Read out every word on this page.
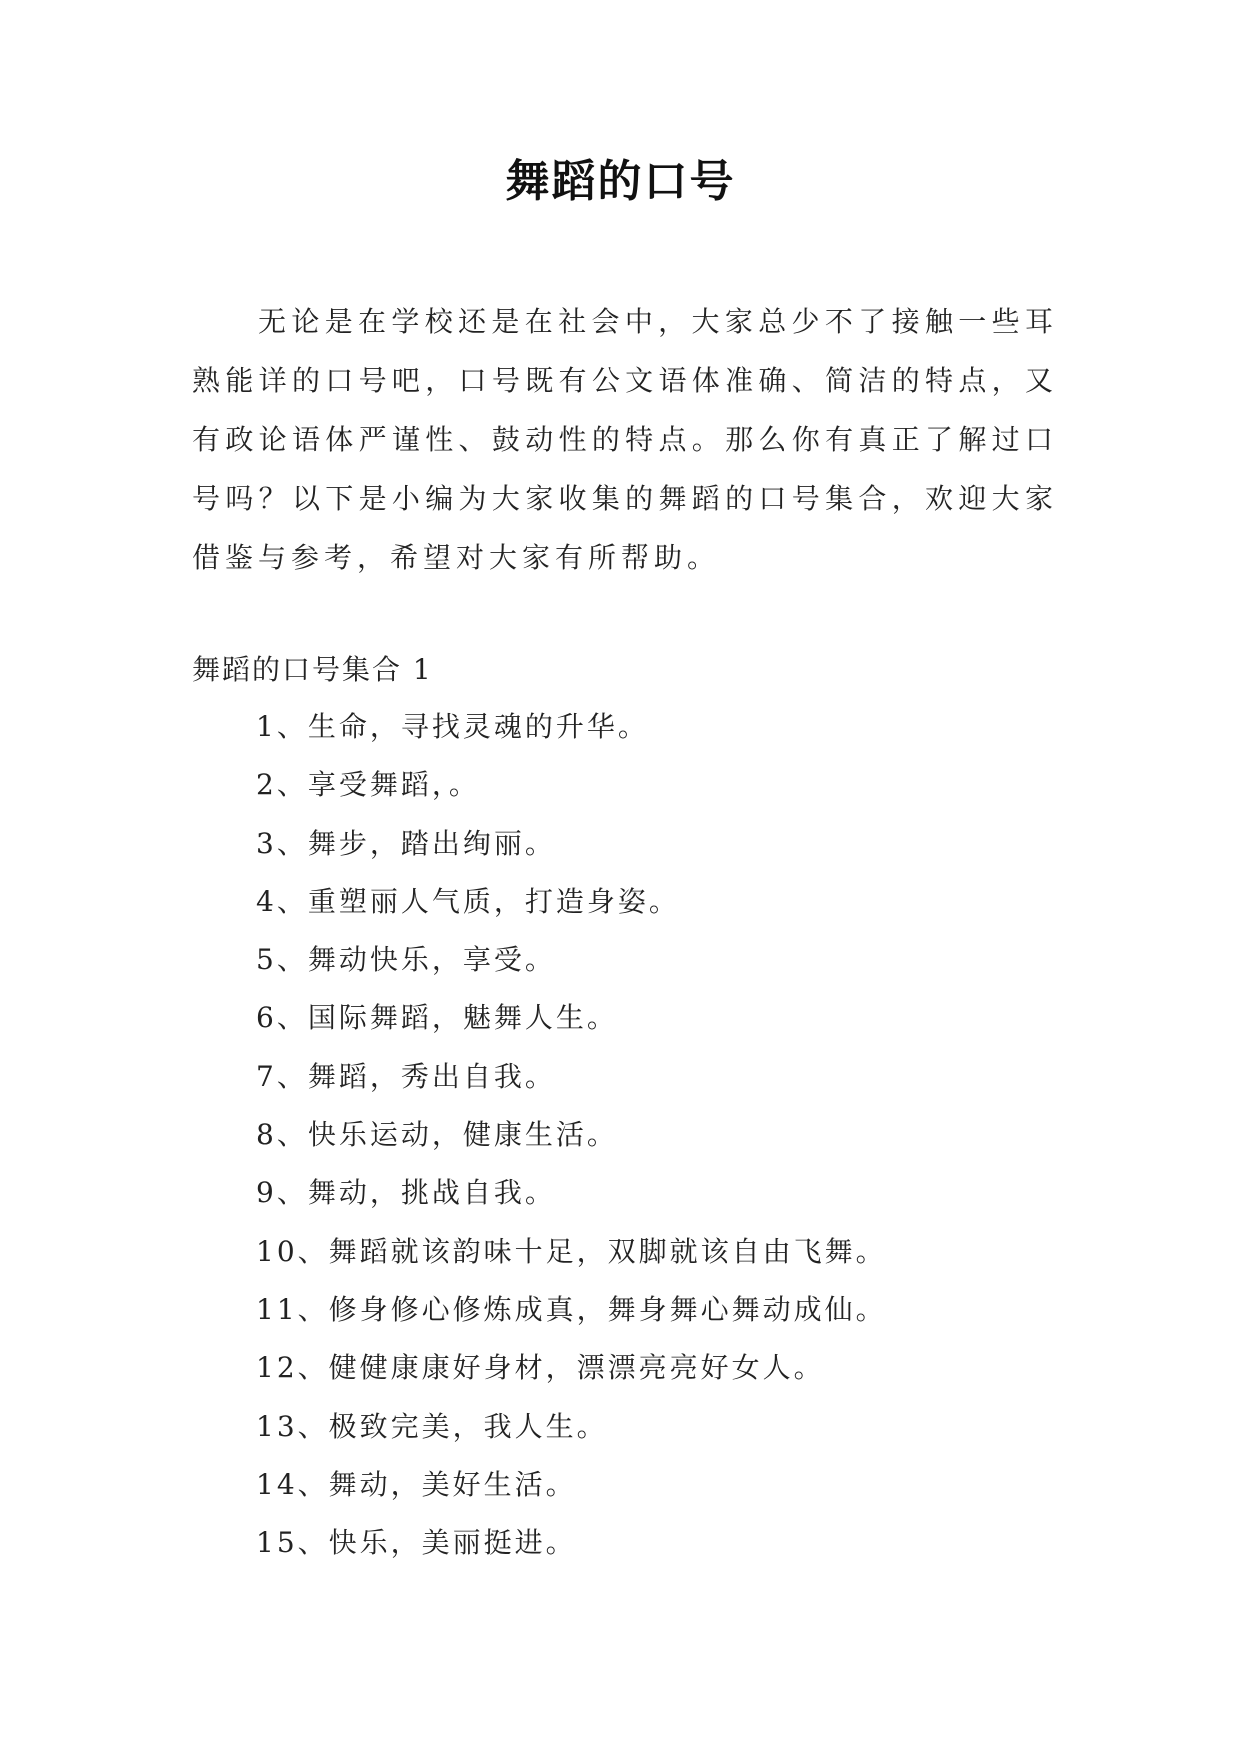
舞蹈的口号

无论是在学校还是在社会中，大家总少不了接触一些耳熟能详的口号吧，口号既有公文语体准确、简洁的特点，又有政论语体严谨性、鼓动性的特点。那么你有真正了解过口号吗？以下是小编为大家收集的舞蹈的口号集合，欢迎大家借鉴与参考，希望对大家有所帮助。

舞蹈的口号集合 1

1、生命，寻找灵魂的升华。
2、享受舞蹈，。
3、舞步，踏出绚丽。
4、重塑丽人气质，打造身姿。
5、舞动快乐，享受。
6、国际舞蹈，魅舞人生。
7、舞蹈，秀出自我。
8、快乐运动，健康生活。
9、舞动，挑战自我。
10、舞蹈就该韵味十足，双脚就该自由飞舞。
11、修身修心修炼成真，舞身舞心舞动成仙。
12、健健康康好身材，漂漂亮亮好女人。
13、极致完美，我人生。
14、舞动，美好生活。
15、快乐，美丽挺进。
